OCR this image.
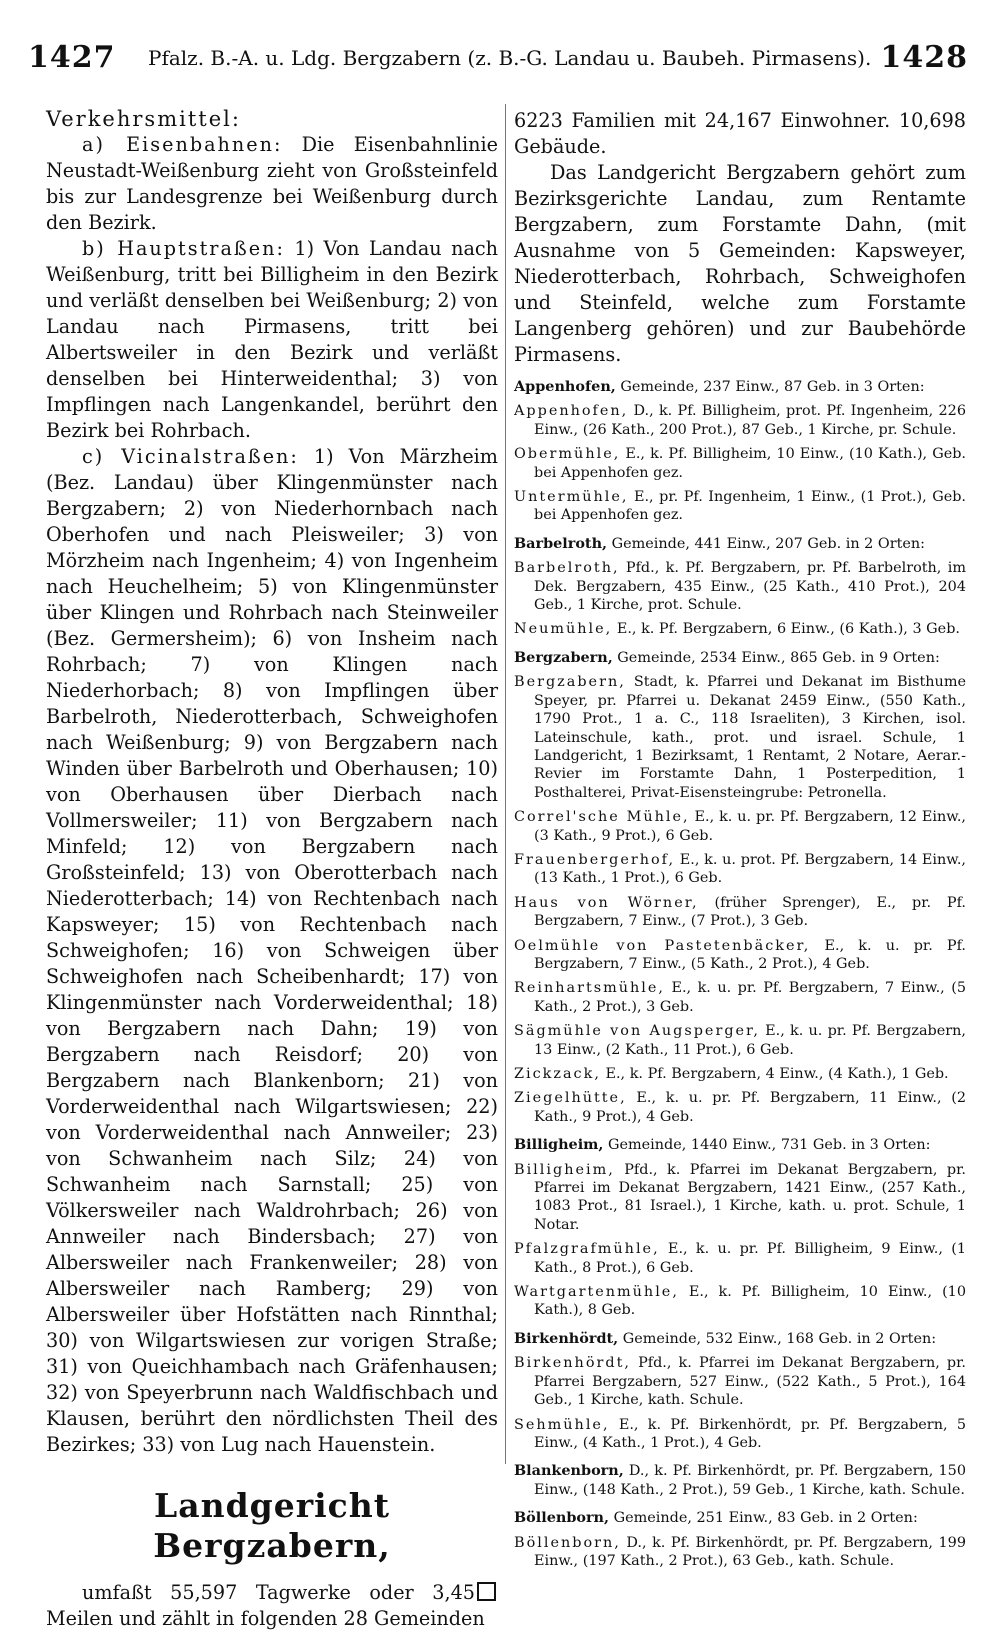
1427 Pfalz. B.-A. u. Ldg. Bergzabern (z. B.-G. Landau u. Baubeh. Pirmasens). 1428

Verkehrsmittel:

a) Eisenbahnen: Die Eisenbahnlinie Neustadt-Weißenburg zieht von Großsteinfeld bis zur Landesgrenze bei Weißenburg durch den Bezirk.

b) Hauptstraßen: 1) Von Landau nach Weißenburg, tritt bei Billigheim in den Bezirk und verläßt denselben bei Weißenburg; 2) von Landau nach Pirmasens, tritt bei Albertsweiler in den Bezirk und verläßt denselben bei Hinterweidenthal; 3) von Impflingen nach Langenkandel, berührt den Bezirk bei Rohrbach.

c) Vicinalstraßen: 1) Von Märzheim (Bez. Landau) über Klingenmünster nach Bergzabern; 2) von Niederhornbach nach Oberhofen und nach Pleisweiler; 3) von Mörzheim nach Ingenheim; 4) von Ingenheim nach Heuchelheim; 5) von Klingenmünster über Klingen und Rohrbach nach Steinweiler (Bez. Germersheim); 6) von Insheim nach Rohrbach; 7) von Klingen nach Niederhorbach; 8) von Impflingen über Barbelroth, Niederotterbach, Schweighofen nach Weißenburg; 9) von Bergzabern nach Winden über Barbelroth und Oberhausen; 10) von Oberhausen über Dierbach nach Vollmersweiler; 11) von Bergzabern nach Minfeld; 12) von Bergzabern nach Großsteinfeld; 13) von Oberotterbach nach Niederotterbach; 14) von Rechtenbach nach Kapsweyer; 15) von Rechtenbach nach Schweighofen; 16) von Schweigen über Schweighofen nach Scheibenhardt; 17) von Klingenmünster nach Vorderweidenthal; 18) von Bergzabern nach Dahn; 19) von Bergzabern nach Reisdorf; 20) von Bergzabern nach Blankenborn; 21) von Vorderweidenthal nach Wilgartswiesen; 22) von Vorderweidenthal nach Annweiler; 23) von Schwanheim nach Silz; 24) von Schwanheim nach Sarnstall; 25) von Völkersweiler nach Waldrohrbach; 26) von Annweiler nach Bindersbach; 27) von Albersweiler nach Frankenweiler; 28) von Albersweiler nach Ramberg; 29) von Albersweiler über Hofstätten nach Rinnthal; 30) von Wilgartswiesen zur vorigen Straße; 31) von Queichhambach nach Gräfenhausen; 32) von Speyerbrunn nach Waldfischbach und Klausen, berührt den nördlichsten Theil des Bezirkes; 33) von Lug nach Hauenstein.

Landgericht Bergzabern,

umfaßt 55,597 Tagwerke oder 3,45 Meilen und zählt in folgenden 28 Gemeinden

6223 Familien mit 24,167 Einwohner. 10,698 Gebäude.

Das Landgericht Bergzabern gehört zum Bezirksgerichte Landau, zum Rentamte Bergzabern, zum Forstamte Dahn, (mit Ausnahme von 5 Gemeinden: Kapsweyer, Niederotterbach, Rohrbach, Schweighofen und Steinfeld, welche zum Forstamte Langenberg gehören) und zur Baubehörde Pirmasens.

Appenhofen, Gemeinde, 237 Einw., 87 Geb. in 3 Orten:

Appenhofen, D., k. Pf. Billigheim, prot. Pf. Ingenheim, 226 Einw., (26 Kath., 200 Prot.), 87 Geb., 1 Kirche, pr. Schule.

Obermühle, E., k. Pf. Billigheim, 10 Einw., (10 Kath.), Geb. bei Appenhofen gez.

Untermühle, E., pr. Pf. Ingenheim, 1 Einw., (1 Prot.), Geb. bei Appenhofen gez.

Barbelroth, Gemeinde, 441 Einw., 207 Geb. in 2 Orten:

Barbelroth, Pfd., k. Pf. Bergzabern, pr. Pf. Barbelroth, im Dek. Bergzabern, 435 Einw., (25 Kath., 410 Prot.), 204 Geb., 1 Kirche, prot. Schule.

Neumühle, E., k. Pf. Bergzabern, 6 Einw., (6 Kath.), 3 Geb.

Bergzabern, Gemeinde, 2534 Einw., 865 Geb. in 9 Orten:

Bergzabern, Stadt, k. Pfarrei und Dekanat im Bisthume Speyer, pr. Pfarrei u. Dekanat 2459 Einw., (550 Kath., 1790 Prot., 1 a. C., 118 Israeliten), 3 Kirchen, isol. Lateinschule, kath., prot. und israel. Schule, 1 Landgericht, 1 Bezirksamt, 1 Rentamt, 2 Notare, Aerar.-Revier im Forstamte Dahn, 1 Posterpedition, 1 Posthalterei, Privat-Eisensteingrube: Petronella.

Correl'sche Mühle, E., k. u. pr. Pf. Bergzabern, 12 Einw., (3 Kath., 9 Prot.), 6 Geb.

Frauenbergerhof, E., k. u. prot. Pf. Bergzabern, 14 Einw., (13 Kath., 1 Prot.), 6 Geb.

Haus von Wörner, (früher Sprenger), E., pr. Pf. Bergzabern, 7 Einw., (7 Prot.), 3 Geb.

Oelmühle von Pastetenbäcker, E., k. u. pr. Pf. Bergzabern, 7 Einw., (5 Kath., 2 Prot.), 4 Geb.

Reinhartsmühle, E., k. u. pr. Pf. Bergzabern, 7 Einw., (5 Kath., 2 Prot.), 3 Geb.

Sägmühle von Augsperger, E., k. u. pr. Pf. Bergzabern, 13 Einw., (2 Kath., 11 Prot.), 6 Geb.

Zickzack, E., k. Pf. Bergzabern, 4 Einw., (4 Kath.), 1 Geb.

Ziegelhütte, E., k. u. pr. Pf. Bergzabern, 11 Einw., (2 Kath., 9 Prot.), 4 Geb.

Billigheim, Gemeinde, 1440 Einw., 731 Geb. in 3 Orten:

Billigheim, Pfd., k. Pfarrei im Dekanat Bergzabern, pr. Pfarrei im Dekanat Bergzabern, 1421 Einw., (257 Kath., 1083 Prot., 81 Israel.), 1 Kirche, kath. u. prot. Schule, 1 Notar.

Pfalzgrafmühle, E., k. u. pr. Pf. Billigheim, 9 Einw., (1 Kath., 8 Prot.), 6 Geb.

Wartgartenmühle, E., k. Pf. Billigheim, 10 Einw., (10 Kath.), 8 Geb.

Birkenhördt, Gemeinde, 532 Einw., 168 Geb. in 2 Orten:

Birkenhördt, Pfd., k. Pfarrei im Dekanat Bergzabern, pr. Pfarrei Bergzabern, 527 Einw., (522 Kath., 5 Prot.), 164 Geb., 1 Kirche, kath. Schule.

Sehmühle, E., k. Pf. Birkenhördt, pr. Pf. Bergzabern, 5 Einw., (4 Kath., 1 Prot.), 4 Geb.

Blankenborn, D., k. Pf. Birkenhördt, pr. Pf. Bergzabern, 150 Einw., (148 Kath., 2 Prot.), 59 Geb., 1 Kirche, kath. Schule.

Böllenborn, Gemeinde, 251 Einw., 83 Geb. in 2 Orten:

Böllenborn, D., k. Pf. Birkenhördt, pr. Pf. Bergzabern, 199 Einw., (197 Kath., 2 Prot.), 63 Geb., kath. Schule.
